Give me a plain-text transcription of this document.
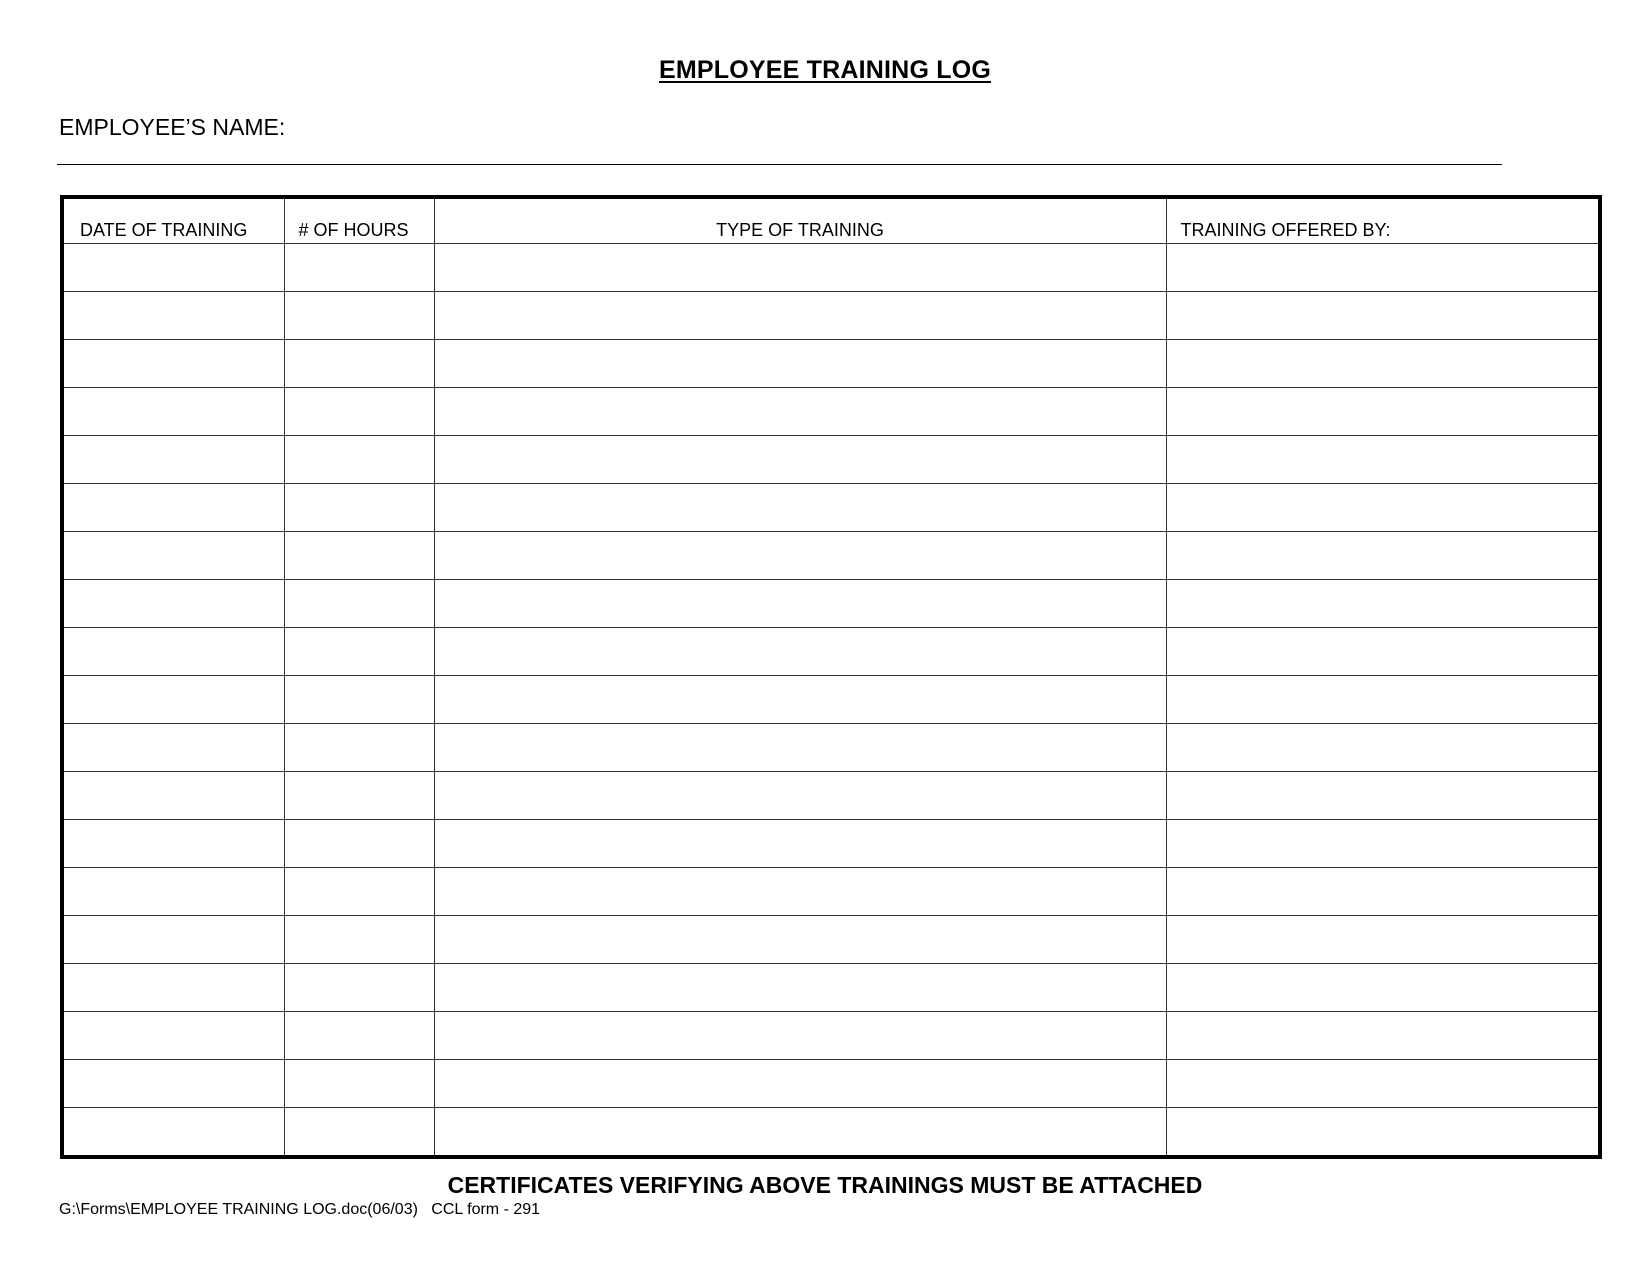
EMPLOYEE TRAINING LOG
EMPLOYEE’S NAME:
DATE OF TRAINING	# OF HOURS	TYPE OF TRAINING	TRAINING OFFERED BY:

CERTIFICATES VERIFYING ABOVE TRAININGS MUST BE ATTACHED
G:\Forms\EMPLOYEE TRAINING LOG.doc(06/03) CCL form - 291
